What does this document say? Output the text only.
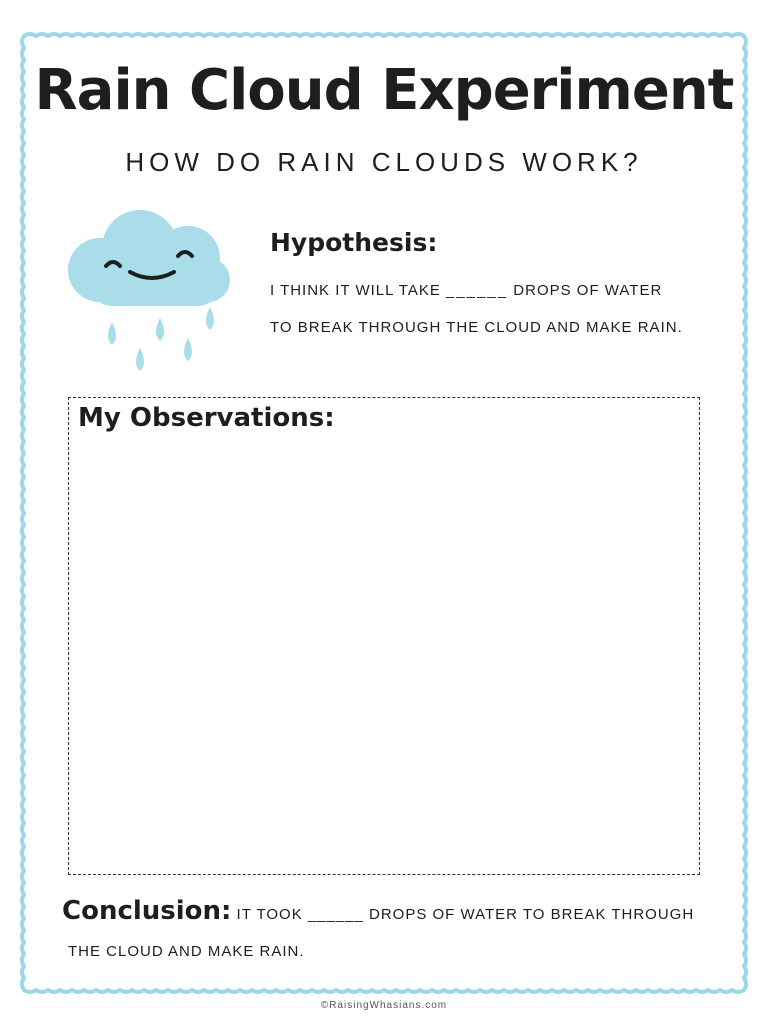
Rain Cloud Experiment
HOW DO RAIN CLOUDS WORK?
Hypothesis:
I THINK IT WILL TAKE ______ DROPS OF WATER
TO BREAK THROUGH THE CLOUD AND MAKE RAIN.
My Observations:
Conclusion: IT TOOK ______ DROPS OF WATER TO BREAK THROUGH
THE CLOUD AND MAKE RAIN.
©RaisingWhasians.com
